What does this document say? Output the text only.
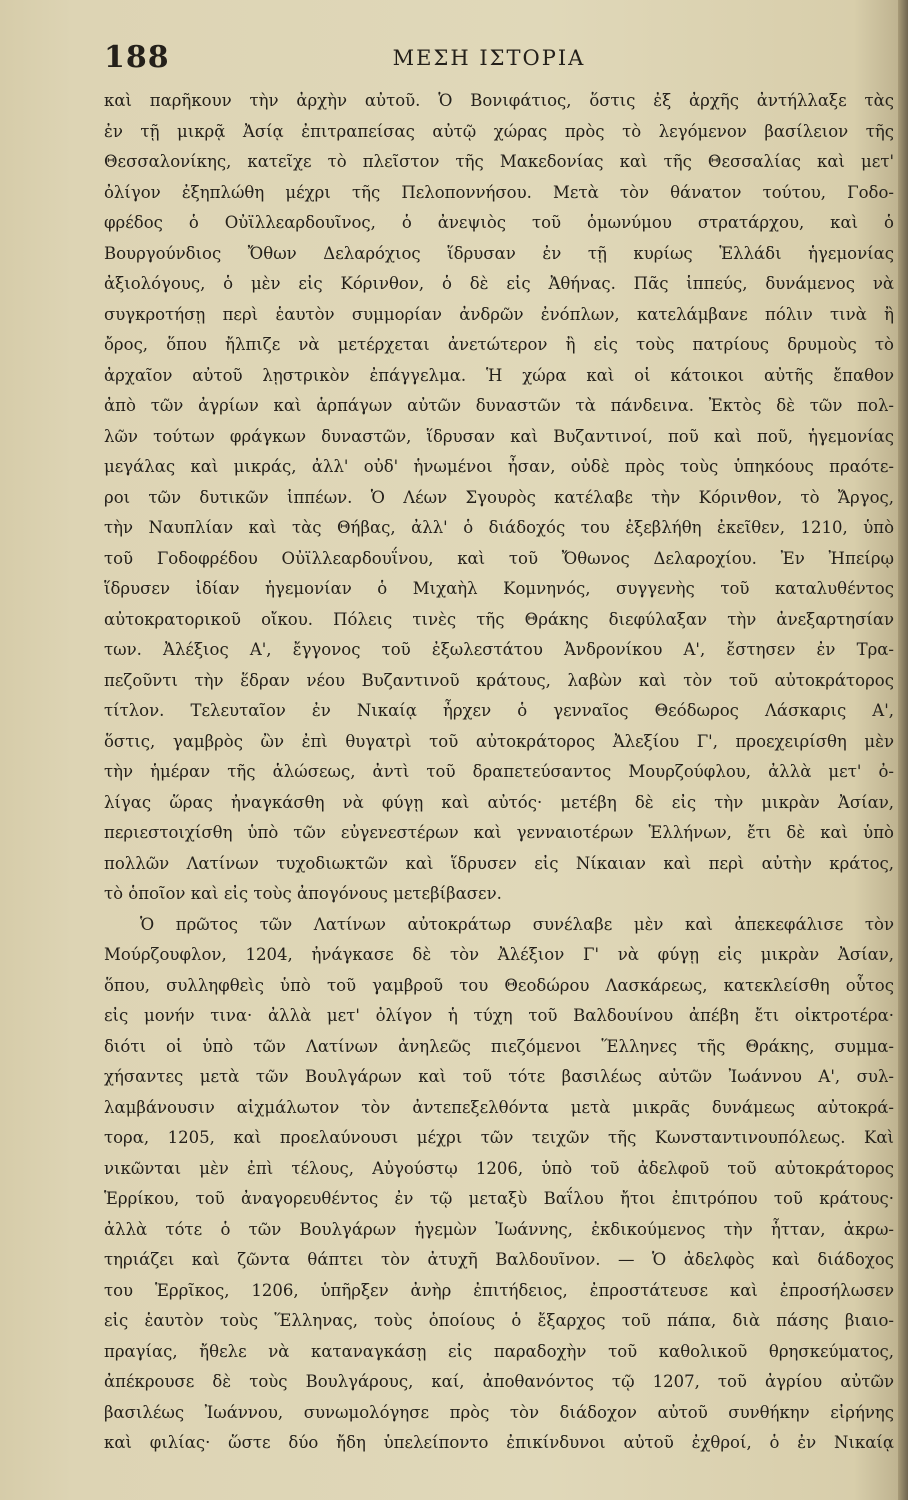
188	ΜΕΣΗ ΙΣΤΟΡΙΑ
καὶ παρῆκουν τὴν ἀρχὴν αὐτοῦ. Ὁ Βονιφάτιος, ὅστις ἐξ ἀρχῆς ἀντήλλαξε τὰς
ἐν τῇ μικρᾷ Ἀσίᾳ ἐπιτραπείσας αὐτῷ χώρας πρὸς τὸ λεγόμενον βασίλειον τῆς
Θεσσαλονίκης, κατεῖχε τὸ πλεῖστον τῆς Μακεδονίας καὶ τῆς Θεσσαλίας καὶ μετ'
ὀλίγον ἐξηπλώθη μέχρι τῆς Πελοποννήσου. Μετὰ τὸν θάνατον τούτου, Γοδο-
φρέδος ὁ Οὐϊλλεαρδουῖνος, ὁ ἀνεψιὸς τοῦ ὁμωνύμου στρατάρχου, καὶ ὁ
Βουργούνδιος Ὄθων Δελαρόχιος ἵδρυσαν ἐν τῇ κυρίως Ἑλλάδι ἡγεμονίας
ἀξιολόγους, ὁ μὲν εἰς Κόρινθον, ὁ δὲ εἰς Ἀθήνας. Πᾶς ἱππεύς, δυνάμενος νὰ
συγκροτήσῃ περὶ ἑαυτὸν συμμορίαν ἀνδρῶν ἐνόπλων, κατελάμβανε πόλιν τινὰ ἢ
ὄρος, ὅπου ἤλπιζε νὰ μετέρχεται ἀνετώτερον ἢ εἰς τοὺς πατρίους δρυμοὺς τὸ
ἀρχαῖον αὐτοῦ λῃστρικὸν ἐπάγγελμα. Ἡ χώρα καὶ οἱ κάτοικοι αὐτῆς ἔπαθον
ἀπὸ τῶν ἀγρίων καὶ ἁρπάγων αὐτῶν δυναστῶν τὰ πάνδεινα. Ἐκτὸς δὲ τῶν πολ-
λῶν τούτων φράγκων δυναστῶν, ἵδρυσαν καὶ Βυζαντινοί, ποῦ καὶ ποῦ, ἡγεμονίας
μεγάλας καὶ μικράς, ἀλλ' οὐδ' ἡνωμένοι ἦσαν, οὐδὲ πρὸς τοὺς ὑπηκόους πραότε-
ροι τῶν δυτικῶν ἱππέων. Ὁ Λέων Σγουρὸς κατέλαβε τὴν Κόρινθον, τὸ Ἄργος,
τὴν Ναυπλίαν καὶ τὰς Θήβας, ἀλλ' ὁ διάδοχός του ἐξεβλήθη ἐκεῖθεν, 1210, ὑπὸ
τοῦ Γοδοφρέδου Οὐϊλλεαρδουΐνου, καὶ τοῦ Ὄθωνος Δελαροχίου. Ἐν Ἠπείρῳ
ἵδρυσεν ἰδίαν ἡγεμονίαν ὁ Μιχαὴλ Κομνηνός, συγγενὴς τοῦ καταλυθέντος
αὐτοκρατορικοῦ οἴκου. Πόλεις τινὲς τῆς Θράκης διεφύλαξαν τὴν ἀνεξαρτησίαν
των. Ἀλέξιος Α', ἔγγονος τοῦ ἐξωλεστάτου Ἀνδρονίκου Α', ἔστησεν ἐν Τρα-
πεζοῦντι τὴν ἕδραν νέου Βυζαντινοῦ κράτους, λαβὼν καὶ τὸν τοῦ αὐτοκράτορος
τίτλον. Τελευταῖον ἐν Νικαίᾳ ἦρχεν ὁ γενναῖος Θεόδωρος Λάσκαρις Α',
ὅστις, γαμβρὸς ὢν ἐπὶ θυγατρὶ τοῦ αὐτοκράτορος Ἀλεξίου Γ', προεχειρίσθη μὲν
τὴν ἡμέραν τῆς ἁλώσεως, ἀντὶ τοῦ δραπετεύσαντος Μουρζούφλου, ἀλλὰ μετ' ὀ-
λίγας ὥρας ἠναγκάσθη νὰ φύγῃ καὶ αὐτός· μετέβη δὲ εἰς τὴν μικρὰν Ἀσίαν,
περιεστοιχίσθη ὑπὸ τῶν εὐγενεστέρων καὶ γενναιοτέρων Ἑλλήνων, ἔτι δὲ καὶ ὑπὸ
πολλῶν Λατίνων τυχοδιωκτῶν καὶ ἵδρυσεν εἰς Νίκαιαν καὶ περὶ αὐτὴν κράτος,
τὸ ὁποῖον καὶ εἰς τοὺς ἀπογόνους μετεβίβασεν.
Ὁ πρῶτος τῶν Λατίνων αὐτοκράτωρ συνέλαβε μὲν καὶ ἀπεκεφάλισε τὸν
Μούρζουφλον, 1204, ἠνάγκασε δὲ τὸν Ἀλέξιον Γ' νὰ φύγῃ εἰς μικρὰν Ἀσίαν,
ὅπου, συλληφθεὶς ὑπὸ τοῦ γαμβροῦ του Θεοδώρου Λασκάρεως, κατεκλείσθη οὗτος
εἰς μονήν τινα· ἀλλὰ μετ' ὀλίγον ἡ τύχη τοῦ Βαλδουίνου ἀπέβη ἔτι οἰκτροτέρα·
διότι οἱ ὑπὸ τῶν Λατίνων ἀνηλεῶς πιεζόμενοι Ἕλληνες τῆς Θράκης, συμμα-
χήσαντες μετὰ τῶν Βουλγάρων καὶ τοῦ τότε βασιλέως αὐτῶν Ἰωάννου Α', συλ-
λαμβάνουσιν αἰχμάλωτον τὸν ἀντεπεξελθόντα μετὰ μικρᾶς δυνάμεως αὐτοκρά-
τορα, 1205, καὶ προελαύνουσι μέχρι τῶν τειχῶν τῆς Κωνσταντινουπόλεως. Καὶ
νικῶνται μὲν ἐπὶ τέλους, Αὐγούστῳ 1206, ὑπὸ τοῦ ἀδελφοῦ τοῦ αὐτοκράτορος
Ἑρρίκου, τοῦ ἀναγορευθέντος ἐν τῷ μεταξὺ Βαΐλου ἤτοι ἐπιτρόπου τοῦ κράτους·
ἀλλὰ τότε ὁ τῶν Βουλγάρων ἡγεμὼν Ἰωάννης, ἐκδικούμενος τὴν ἧτταν, ἀκρω-
τηριάζει καὶ ζῶντα θάπτει τὸν ἀτυχῆ Βαλδουῖνον. — Ὁ ἀδελφὸς καὶ διάδοχος
του Ἑρρῖκος, 1206, ὑπῆρξεν ἀνὴρ ἐπιτήδειος, ἐπροστάτευσε καὶ ἐπροσήλωσεν
εἰς ἑαυτὸν τοὺς Ἕλληνας, τοὺς ὁποίους ὁ ἔξαρχος τοῦ πάπα, διὰ πάσης βιαιο-
πραγίας, ἤθελε νὰ καταναγκάσῃ εἰς παραδοχὴν τοῦ καθολικοῦ θρησκεύματος,
ἀπέκρουσε δὲ τοὺς Βουλγάρους, καί, ἀποθανόντος τῷ 1207, τοῦ ἀγρίου αὐτῶν
βασιλέως Ἰωάννου, συνωμολόγησε πρὸς τὸν διάδοχον αὐτοῦ συνθήκην εἰρήνης
καὶ φιλίας· ὥστε δύο ἤδη ὑπελείποντο ἐπικίνδυνοι αὐτοῦ ἐχθροί, ὁ ἐν Νικαίᾳ
